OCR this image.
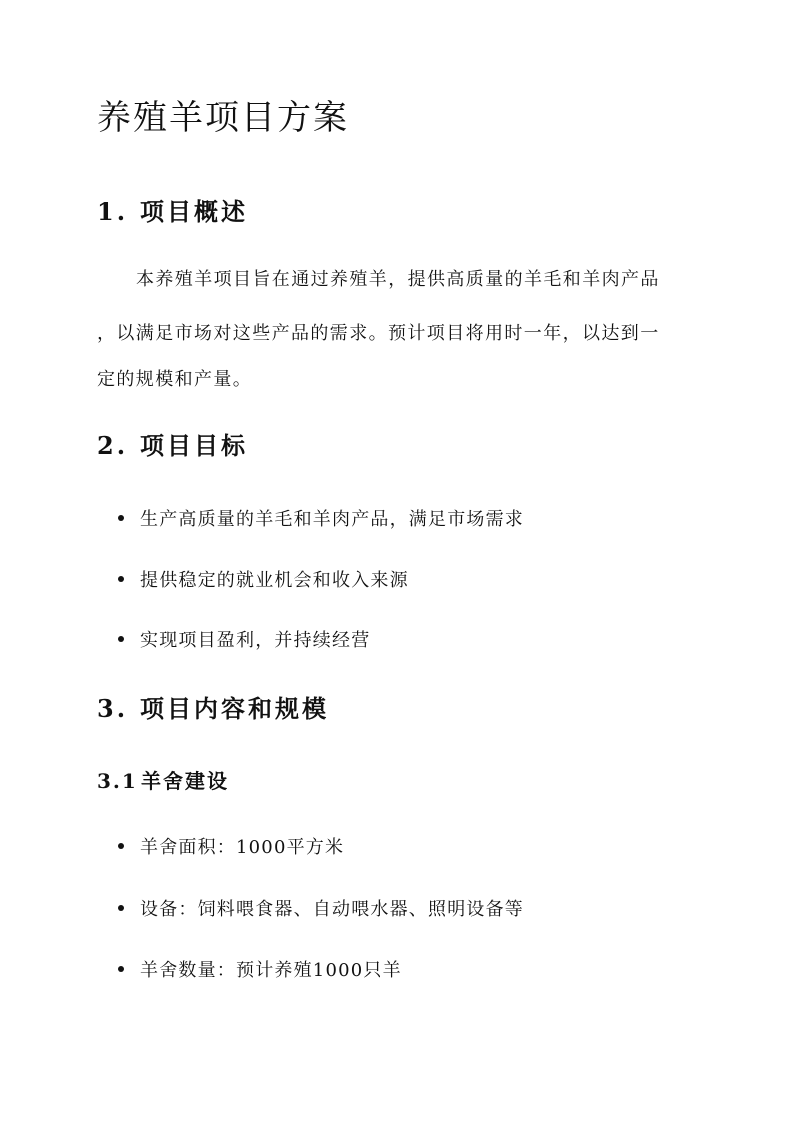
养殖羊项目方案
1. 项目概述
本养殖羊项目旨在通过养殖羊，提供高质量的羊毛和羊肉产品
，以满足市场对这些产品的需求。预计项目将用时一年，以达到一
定的规模和产量。
2. 项目目标
生产高质量的羊毛和羊肉产品，满足市场需求
提供稳定的就业机会和收入来源
实现项目盈利，并持续经营
3. 项目内容和规模
3.1 羊舍建设
羊舍面积：1000平方米
设备：饲料喂食器、自动喂水器、照明设备等
羊舍数量：预计养殖1000只羊
